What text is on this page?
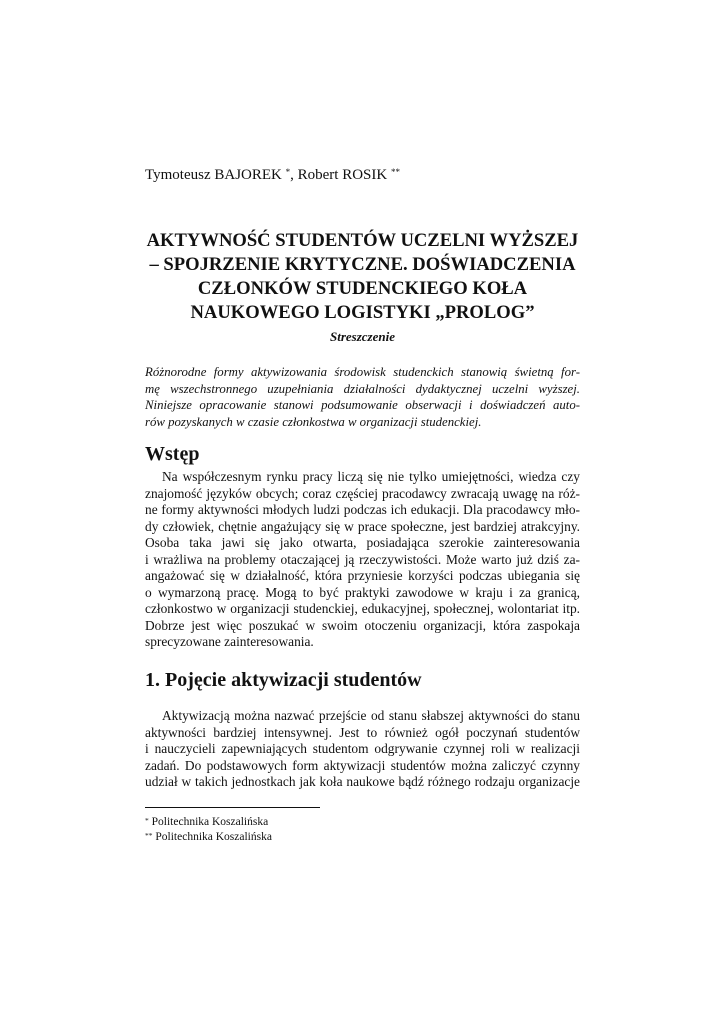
Tymoteusz BAJOREK *, Robert ROSIK **
AKTYWNOŚĆ STUDENTÓW UCZELNI WYŻSZEJ
– SPOJRZENIE KRYTYCZNE. DOŚWIADCZENIA
CZŁONKÓW STUDENCKIEGO KOŁA
NAUKOWEGO LOGISTYKI „PROLOG”
Streszczenie
Różnorodne formy aktywizowania środowisk studenckich stanowią świetną for-
mę wszechstronnego uzupełniania działalności dydaktycznej uczelni wyższej.
Niniejsze opracowanie stanowi podsumowanie obserwacji i doświadczeń auto-
rów pozyskanych w czasie członkostwa w organizacji studenckiej.
Wstęp
Na współczesnym rynku pracy liczą się nie tylko umiejętności, wiedza czy
znajomość języków obcych; coraz częściej pracodawcy zwracają uwagę na róż-
ne formy aktywności młodych ludzi podczas ich edukacji. Dla pracodawcy mło-
dy człowiek, chętnie angażujący się w prace społeczne, jest bardziej atrakcyjny.
Osoba taka jawi się jako otwarta, posiadająca szerokie zainteresowania
i wrażliwa na problemy otaczającej ją rzeczywistości. Może warto już dziś za-
angażować się w działalność, która przyniesie korzyści podczas ubiegania się
o wymarzoną pracę. Mogą to być praktyki zawodowe w kraju i za granicą,
członkostwo w organizacji studenckiej, edukacyjnej, społecznej, wolontariat itp.
Dobrze jest więc poszukać w swoim otoczeniu organizacji, która zaspokaja
sprecyzowane zainteresowania.
1. Pojęcie aktywizacji studentów
Aktywizacją można nazwać przejście od stanu słabszej aktywności do stanu
aktywności bardziej intensywnej. Jest to również ogół poczynań studentów
i nauczycieli zapewniających studentom odgrywanie czynnej roli w realizacji
zadań. Do podstawowych form aktywizacji studentów można zaliczyć czynny
udział w takich jednostkach jak koła naukowe bądź różnego rodzaju organizacje
* Politechnika Koszalińska
** Politechnika Koszalińska
